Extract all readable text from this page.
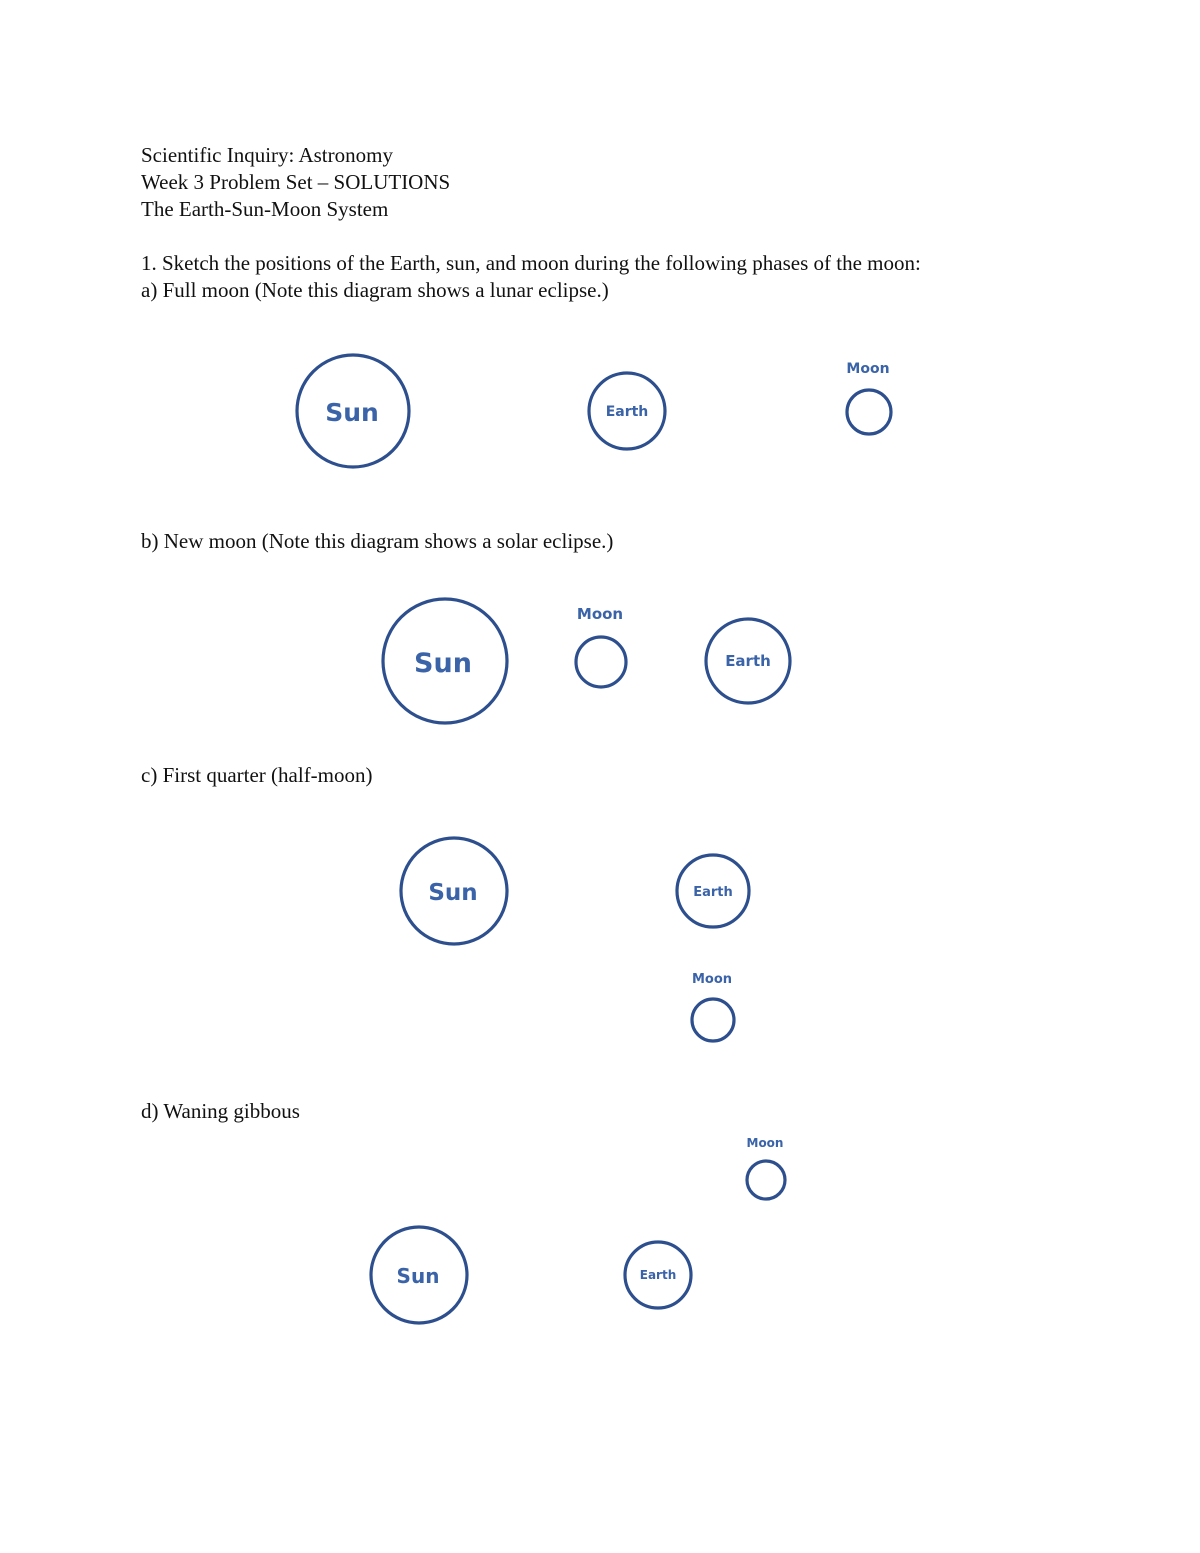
Scientific Inquiry: Astronomy

Week 3 Problem Set – SOLUTIONS

The Earth-Sun-Moon System

1. Sketch the positions of the Earth, sun, and moon during the following phases of the moon:

a) Full moon (Note this diagram shows a lunar eclipse.)

b) New moon (Note this diagram shows a solar eclipse.)

c) First quarter (half-moon)

d) Waning gibbous

Sun	Earth
Moon
Sun
Moon
Earth
Sun	Earth
Moon
Moon
Sun	Earth
